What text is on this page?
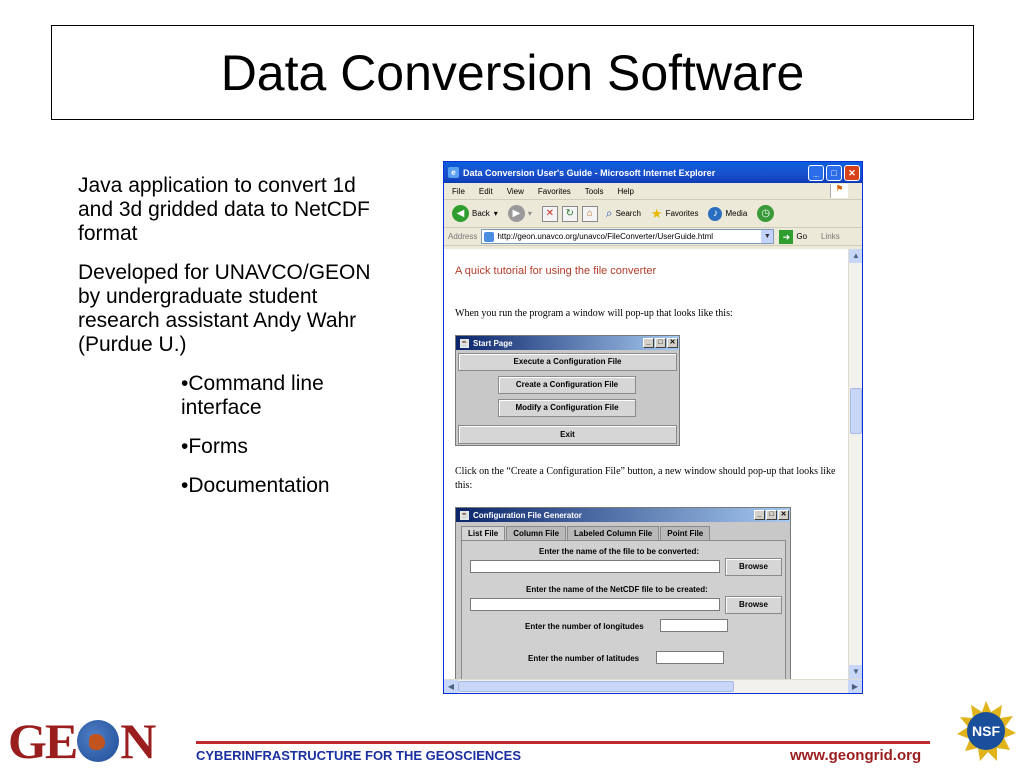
Data Conversion Software

Java application to convert 1d and 3d gridded data to NetCDF format

Developed for UNAVCO/GEON by undergraduate student research assistant Andy Wahr (Purdue U.)

•Command line interface

•Forms

•Documentation

e Data Conversion User's Guide - Microsoft Internet Explorer	_	□	✕
File Edit View Favorites Tools Help	⚑
◀ Back ▾	▶ ▾	✕	↻	⌂	⌕ Search ★ Favorites	♪ Media	◷
Address	http://geon.unavco.org/unavco/FileConverter/UserGuide.html	▼	➜ Go Links
A quick tutorial for using the file converter
When you run the program a window will pop-up that looks like this:
☕ Start Page	_	□ ✕
Execute a Configuration File
Create a Configuration File
Modify a Configuration File
Exit
Click on the “Create a Configuration File” button, a new window should pop-up that looks like this:
☕ Configuration File Generator	_	□ ✕
List File	Column File	Labeled Column File	Point File
Enter the name of the file to be converted:
Browse
Enter the name of the NetCDF file to be created:
Browse
Enter the number of longitudes
Enter the number of latitudes
▲
▼
◀	▶
GE N	CYBERINFRASTRUCTURE FOR THE GEOSCIENCES	www.geongrid.org
NSF
